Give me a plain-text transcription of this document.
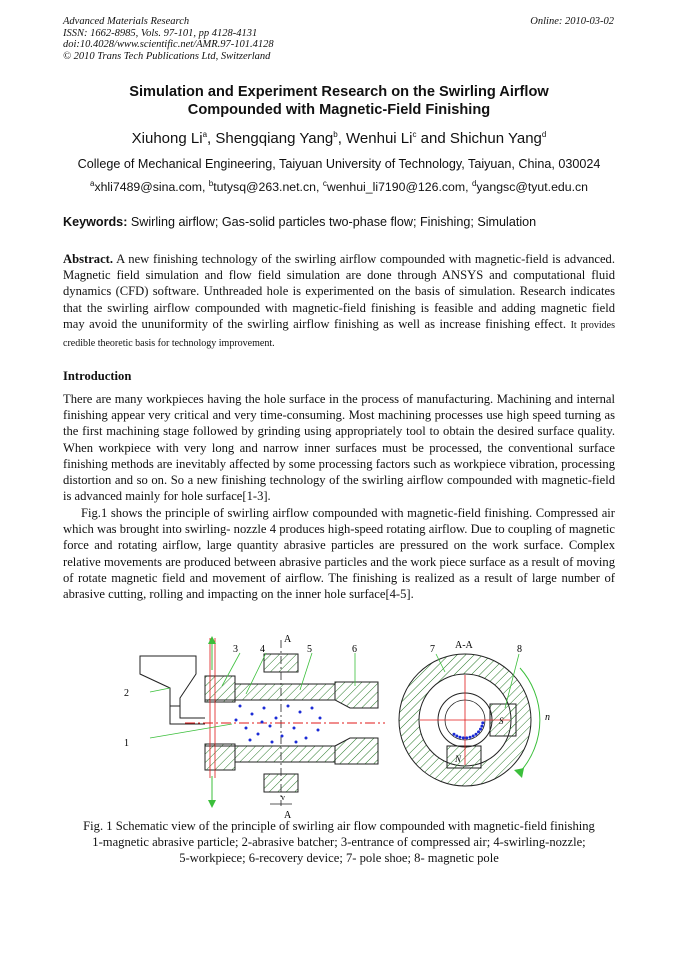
Advanced Materials Research
ISSN: 1662-8985, Vols. 97-101, pp 4128-4131
doi:10.4028/www.scientific.net/AMR.97-101.4128
© 2010 Trans Tech Publications Ltd, Switzerland
Online: 2010-03-02
Simulation and Experiment Research on the Swirling Airflow
Compounded with Magnetic-Field Finishing
Xiuhong Li$^a$, Shengqiang Yang$^b$, Wenhui Li$^c$ and Shichun Yang$^d$
College of Mechanical Engineering, Taiyuan University of Technology, Taiyuan, China, 030024
$^a$xhli7489@sina.com, $^b$tutysq@263.net.cn, $^c$wenhui_li7190@126.com, $^d$yangsc@tyut.edu.cn
Keywords: Swirling airflow; Gas-solid particles two-phase flow; Finishing; Simulation
Abstract. A new finishing technology of the swirling airflow compounded with magnetic-field is advanced. Magnetic field simulation and flow field simulation are done through ANSYS and computational fluid dynamics (CFD) software. Unthreaded hole is experimented on the basis of simulation. Research indicates that the swirling airflow compounded with magnetic-field finishing is feasible and adding magnetic field may avoid the ununiformity of the swirling airflow finishing as well as increase finishing effect. It provides credible theoretic basis for technology improvement.
Introduction
There are many workpieces having the hole surface in the process of manufacturing. Machining and internal finishing appear very critical and very time-consuming. Most machining processes use high speed turning as the first machining stage followed by grinding using appropriately tool to obtain the desired surface quality. When workpiece with very long and narrow inner surfaces must be processed, the conventional surface finishing methods are inevitably affected by some processing factors such as workpiece vibration, processing distortion and so on. So a new finishing technology of the swirling airflow compounded with magnetic-field is advanced mainly for hole surface[1-3].
Fig.1 shows the principle of swirling airflow compounded with magnetic-field finishing. Compressed air which was brought into swirling- nozzle 4 produces high-speed rotating airflow. Due to coupling of magnetic force and rotating airflow, large quantity abrasive particles are pressured on the work surface. Complex relative movements are produced between abrasive particles and the work piece surface as a result of moving of rotate magnetic field and movement of airflow. The finishing is realized as a result of large number of abrasive cutting, rolling and impacting on the inner hole surface[4-5].
A
A
v
1
2
3 4	5	6	A-A
7	8
S
N
n
Fig. 1 Schematic view of the principle of swirling air flow compounded with magnetic-field finishing
1-magnetic abrasive particle; 2-abrasive batcher; 3-entrance of compressed air; 4-swirling-nozzle;
5-workpiece; 6-recovery device; 7- pole shoe; 8- magnetic pole
